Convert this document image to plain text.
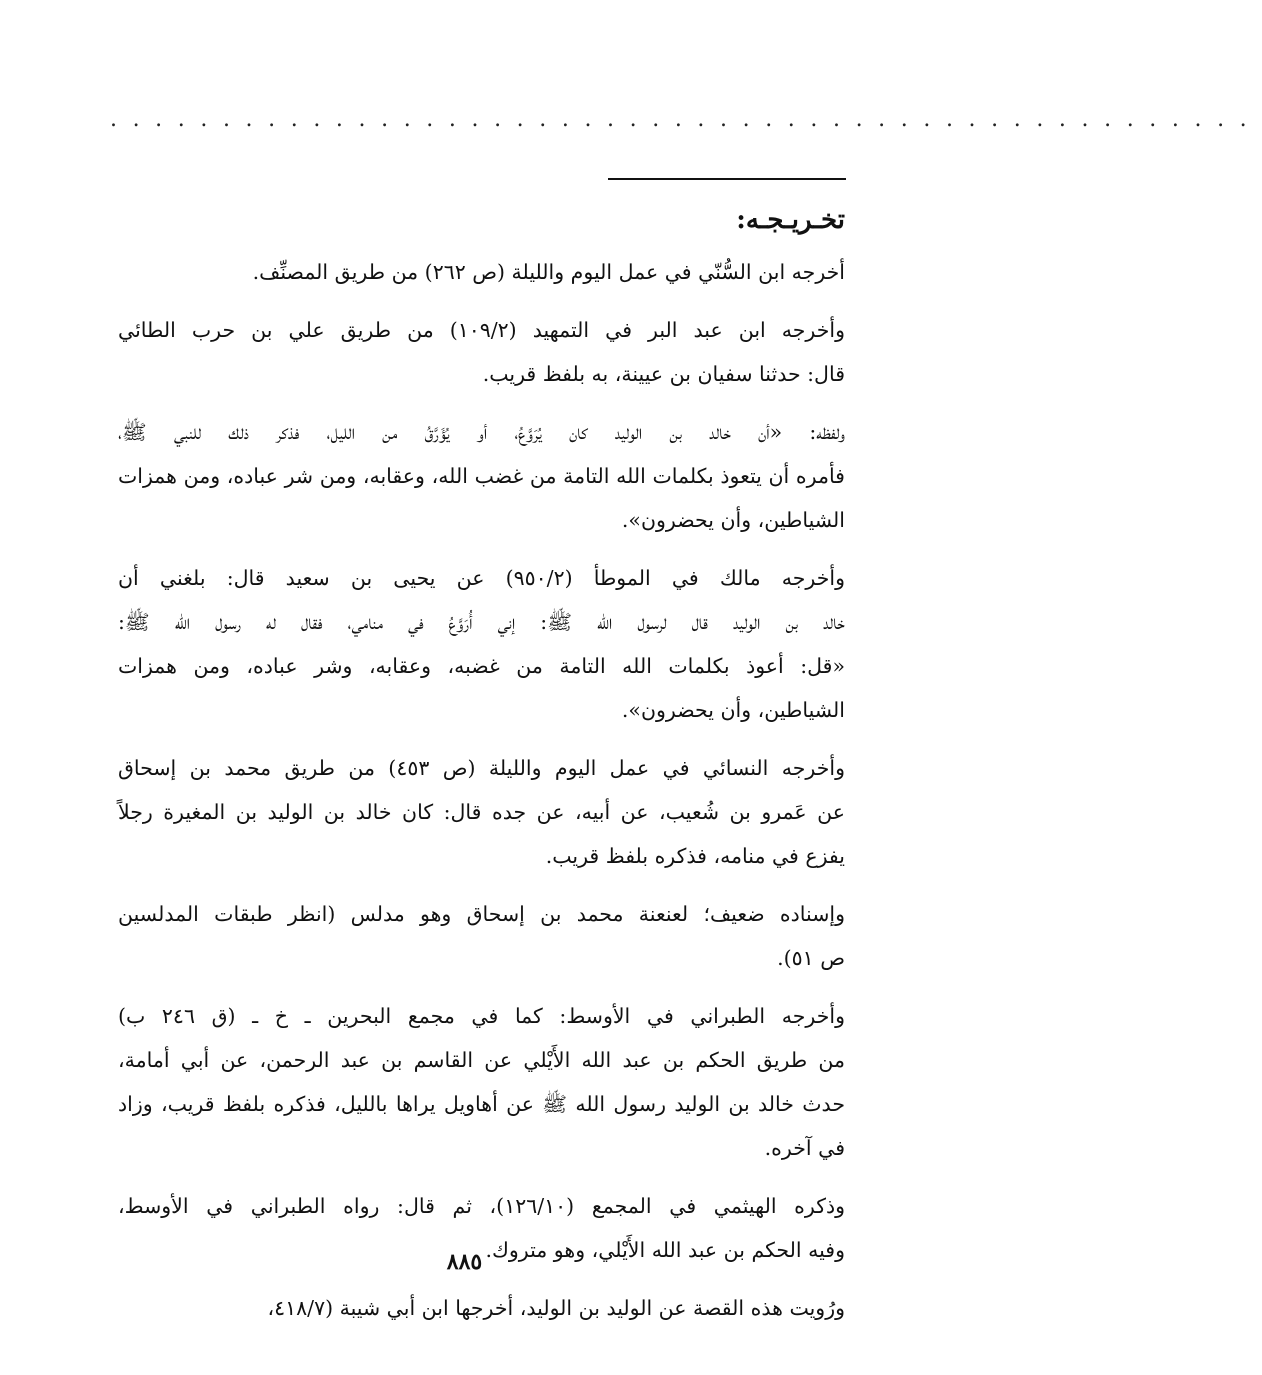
...................................................
تخـريـجـه:
أخرجه ابن السُّنّي في عمل اليوم والليلة (ص ٢٦٢) من طريق المصنِّف.
وأخرجه ابن عبد البر في التمهيد (١٠٩/٢) من طريق علي بن حرب الطائي
قال: حدثنا سفيان بن عيينة، به بلفظ قريب.
ولفظه: «أن خالد بن الوليد كان يُرَوَّعُ، أو يُؤَرَّقُ من الليل، فذكر ذلك للنبي ﷺ،
فأمره أن يتعوذ بكلمات الله التامة من غضب الله، وعقابه، ومن شر عباده، ومن همزات
الشياطين، وأن يحضرون».
وأخرجه مالك في الموطأ (٩٥٠/٢) عن يحيى بن سعيد قال: بلغني أن
خالد بن الوليد قال لرسول الله ﷺ: إني أُرَوَّعُ في منامي، فقال له رسول الله ﷺ:
«قل: أعوذ بكلمات الله التامة من غضبه، وعقابه، وشر عباده، ومن همزات
الشياطين، وأن يحضرون».
وأخرجه النسائي في عمل اليوم والليلة (ص ٤٥٣) من طريق محمد بن إسحاق
عن عَمرو بن شُعيب، عن أبيه، عن جده قال: كان خالد بن الوليد بن المغيرة رجلاً
يفزع في منامه، فذكره بلفظ قريب.
وإسناده ضعيف؛ لعنعنة محمد بن إسحاق وهو مدلس (انظر طبقات المدلسين
ص ٥١).
وأخرجه الطبراني في الأوسط: كما في مجمع البحرين ـ خ ـ (ق ٢٤٦ ب)
من طريق الحكم بن عبد الله الأَيْلي عن القاسم بن عبد الرحمن، عن أبي أمامة،
حدث خالد بن الوليد رسول الله ﷺ عن أهاويل يراها بالليل، فذكره بلفظ قريب، وزاد
في آخره.
وذكره الهيثمي في المجمع (١٢٦/١٠)، ثم قال: رواه الطبراني في الأوسط،
وفيه الحكم بن عبد الله الأَيْلي، وهو متروك.
ورُويت هذه القصة عن الوليد بن الوليد، أخرجها ابن أبي شيبة (٤١٨/٧،
٨٨٥
